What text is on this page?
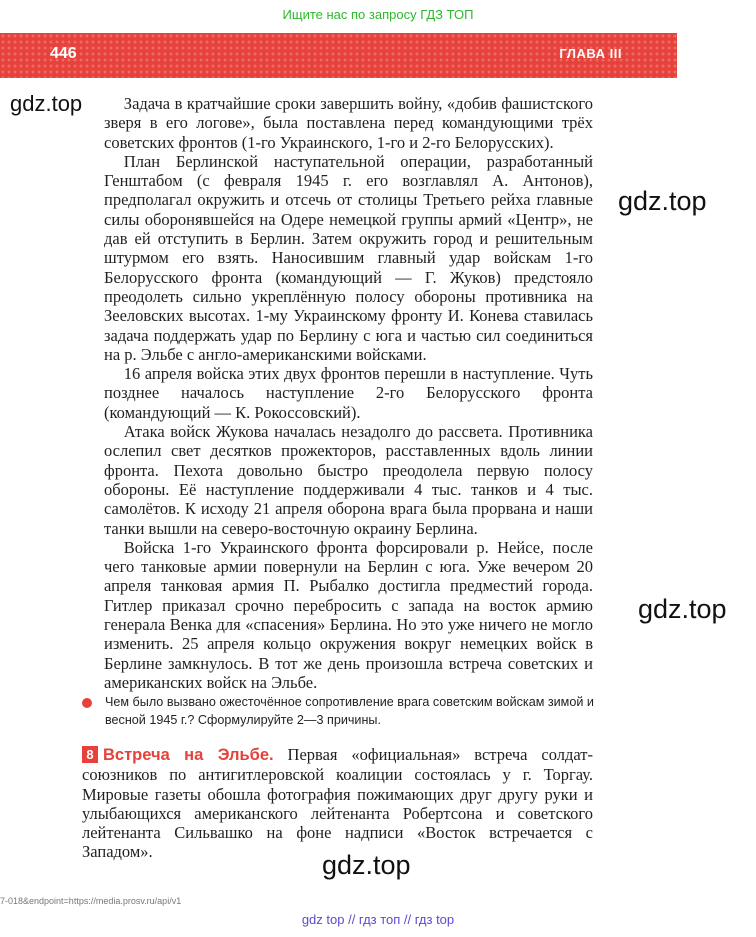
Ищите нас по запросу ГДЗ ТОП
446	ГЛАВА III

Задача в кратчайшие сроки завершить войну, «добив фашистского зверя в его логове», была поставлена перед командующими трёх советских фронтов (1-го Украинского, 1-го и 2-го Белорусских).

План Берлинской наступательной операции, разработанный Генштабом (с февраля 1945 г. его возглавлял А. Антонов), предполагал окружить и отсечь от столицы Третьего рейха главные силы оборонявшейся на Одере немецкой группы армий «Центр», не дав ей отступить в Берлин. Затем окружить город и решительным штурмом его взять. Наносившим главный удар войскам 1-го Белорусского фронта (командующий — Г. Жуков) предстояло преодолеть сильно укреплённую полосу обороны противника на Зееловских высотах. 1-му Украинскому фронту И. Конева ставилась задача поддержать удар по Берлину с юга и частью сил соединиться на р. Эльбе с англо-американскими войсками.

16 апреля войска этих двух фронтов перешли в наступление. Чуть позднее началось наступление 2-го Белорусского фронта (командующий — К. Рокоссовский).

Атака войск Жукова началась незадолго до рассвета. Противника ослепил свет десятков прожекторов, расставленных вдоль линии фронта. Пехота довольно быстро преодолела первую полосу обороны. Её наступление поддерживали 4 тыс. танков и 4 тыс. самолётов. К исходу 21 апреля оборона врага была прорвана и наши танки вышли на северо-восточную окраину Берлина.

Войска 1-го Украинского фронта форсировали р. Нейсе, после чего танковые армии повернули на Берлин с юга. Уже вечером 20 апреля танковая армия П. Рыбалко достигла предместий города. Гитлер приказал срочно перебросить с запада на восток армию генерала Венка для «спасения» Берлина. Но это уже ничего не могло изменить. 25 апреля кольцо окружения вокруг немецких войск в Берлине замкнулось. В тот же день произошла встреча советских и американских войск на Эльбе.

Чем было вызвано ожесточённое сопротивление врага советским войскам зимой и весной 1945 г.? Сформулируйте 2—3 причины.

8 Встреча на Эльбе. Первая «официальная» встреча солдат-союзников по антигитлеровской коалиции состоялась у г. Торгау. Мировые газеты обошла фотография пожимающих друг другу руки и улыбающихся американского лейтенанта Робертсона и советского лейтенанта Сильвашко на фоне надписи «Восток встречается с Западом».

gdz.top
gdz.top
gdz.top
gdz.top
7-018&endpoint=https://media.prosv.ru/api/v1
gdz top // гдз топ // гдз top
